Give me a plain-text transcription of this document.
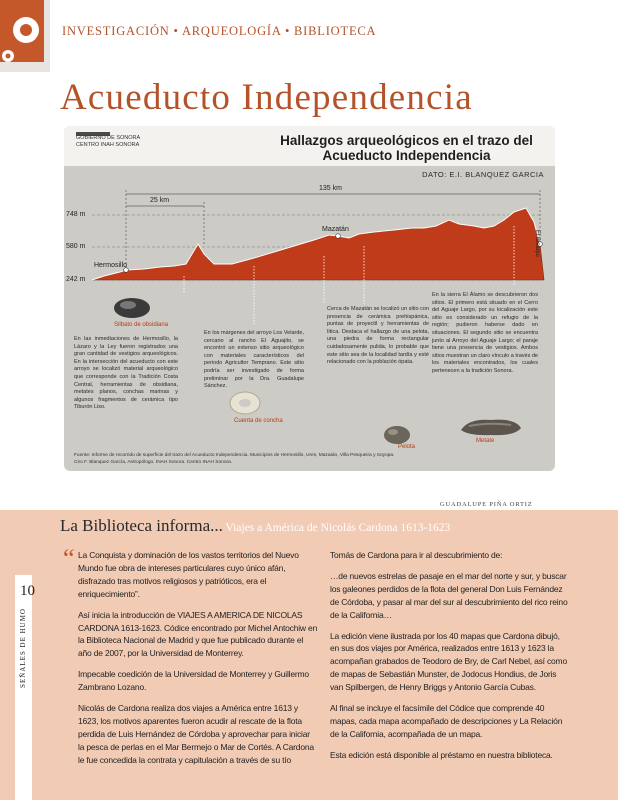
INVESTIGACIÓN • ARQUEOLOGÍA • BIBLIOTECA
Acueducto Independencia
GOBIERNO DE SONORA
CENTRO INAH SONORA	Hallazgos arqueológicos en el trazo del
Acueducto Independencia
DATO: E.I. BLANQUEZ GARCIA
25 km
135 km
748 m
580 m
242 m
Hermosillo
Mazatán
El Bisaqui
Silbato de obsidiana
En las inmediaciones de Hermosillo, la Lázaro y la Ley fueron registrados una gran cantidad de vestigios arqueológicos. En la intersección del acueducto con este arroyo se localizó material arqueológico que corresponde con la Tradición Costa Central, herramientas de obsidiana, metates planos, conchas marinas y algunos fragmentos de cerámica tipo Tiburón Liso.
En los márgenes del arroyo Los Velarde, cercano al rancho El Aguajito, se encontró un extenso sitio arqueológico con materiales característicos del periodo Agricultor Temprano. Este sitio podría ser investigado de forma preliminar por la Dra. Guadalupe Sánchez.
Cuenta de concha
Cerca de Mazatán se localizó un sitio con presencia de cerámica prehispánica, puntas de proyectil y herramientas de lítica. Destaca el hallazgo de una pelota, una piedra de forma rectangular cuidadosamente pulida, lo probable que este sitio sea de la localidad tardía y esté relacionado con la población ópata.
Pelota
En la sierra El Álamo se descubrieron dos sitios. El primero está situado en el Cerro del Aguaje Largo, por su localización este sitio es considerado un refugio de la región; pudieron haberse dado en situaciones. El segundo sitio se encuentra junto al Arroyo del Aguaje Largo; el paraje tiene una presencia de vestigios. Ambos sitios muestran un claro vínculo a través de los materiales encontrados, los cuales pertenecen a la tradición Sonora.
Metate
Fuente: Informe de recorrido de superficie del trazo del Acueducto Independencia. Municipios de Hermosillo, Ures, Mazatán, Villa Pesqueira y Soyopa.
Ciro F. Blanquez García, Antropólogo. INAH Sonora. Centro INAH Sonora.
GUADALUPE PIÑA ORTIZ
La Biblioteca informa... Viajes a América de Nicolás Cardona 1613-1623
“ La Conquista y dominación de los vastos territorios del Nuevo Mundo fue obra de intereses particulares cuyo único afán, disfrazado tras motivos religiosos y patrióticos, era el enriquecimiento”.

Así inicia la introducción de VIAJES A AMERICA DE NICOLAS CARDONA 1613-1623. Códice encontrado por Michel Antochiw en la Biblioteca Nacional de Madrid y que fue publicado durante el año de 2007, por la Universidad de Monterrey.

Impecable coedición de la Universidad de Monterrey y Guillermo Zambrano Lozano.

Nicolás de Cardona realiza dos viajes a América entre 1613 y 1623, los motivos aparentes fueron acudir al rescate de la flota perdida de Luis Hernández de Córdoba y aprovechar para iniciar la pesca de perlas en el Mar Bermejo o Mar de Cortés. A Cardona le fue concedida la contrata y capitulación a través de su tío

Tomás de Cardona para ir al descubrimiento de:

…de nuevos estrelas de pasaje en el mar del norte y sur, y buscar los galeones perdidos de la flota del general Don Luis Fernández de Córdoba, y pasar al mar del sur al descubrimiento del rico reino de la California…

La edición viene ilustrada por los 40 mapas que Cardona dibujó, en sus dos viajes por América, realizados entre 1613 y 1623 la acompañan grabados de Teodoro de Bry, de Carl Nebel, así como de mapas de Sebastián Munster, de Jodocus Hondius, de Joris van Spilbergen, de Henry Briggs y Antonio García Cubas.

Al final se incluye el facsímile del Códice que comprende 40 mapas, cada mapa acompañado de descripciones y La Relación de la California, acompañada de un mapa.

Esta edición está disponible al préstamo en nuestra biblioteca.

10
SEÑALES DE HUMO
